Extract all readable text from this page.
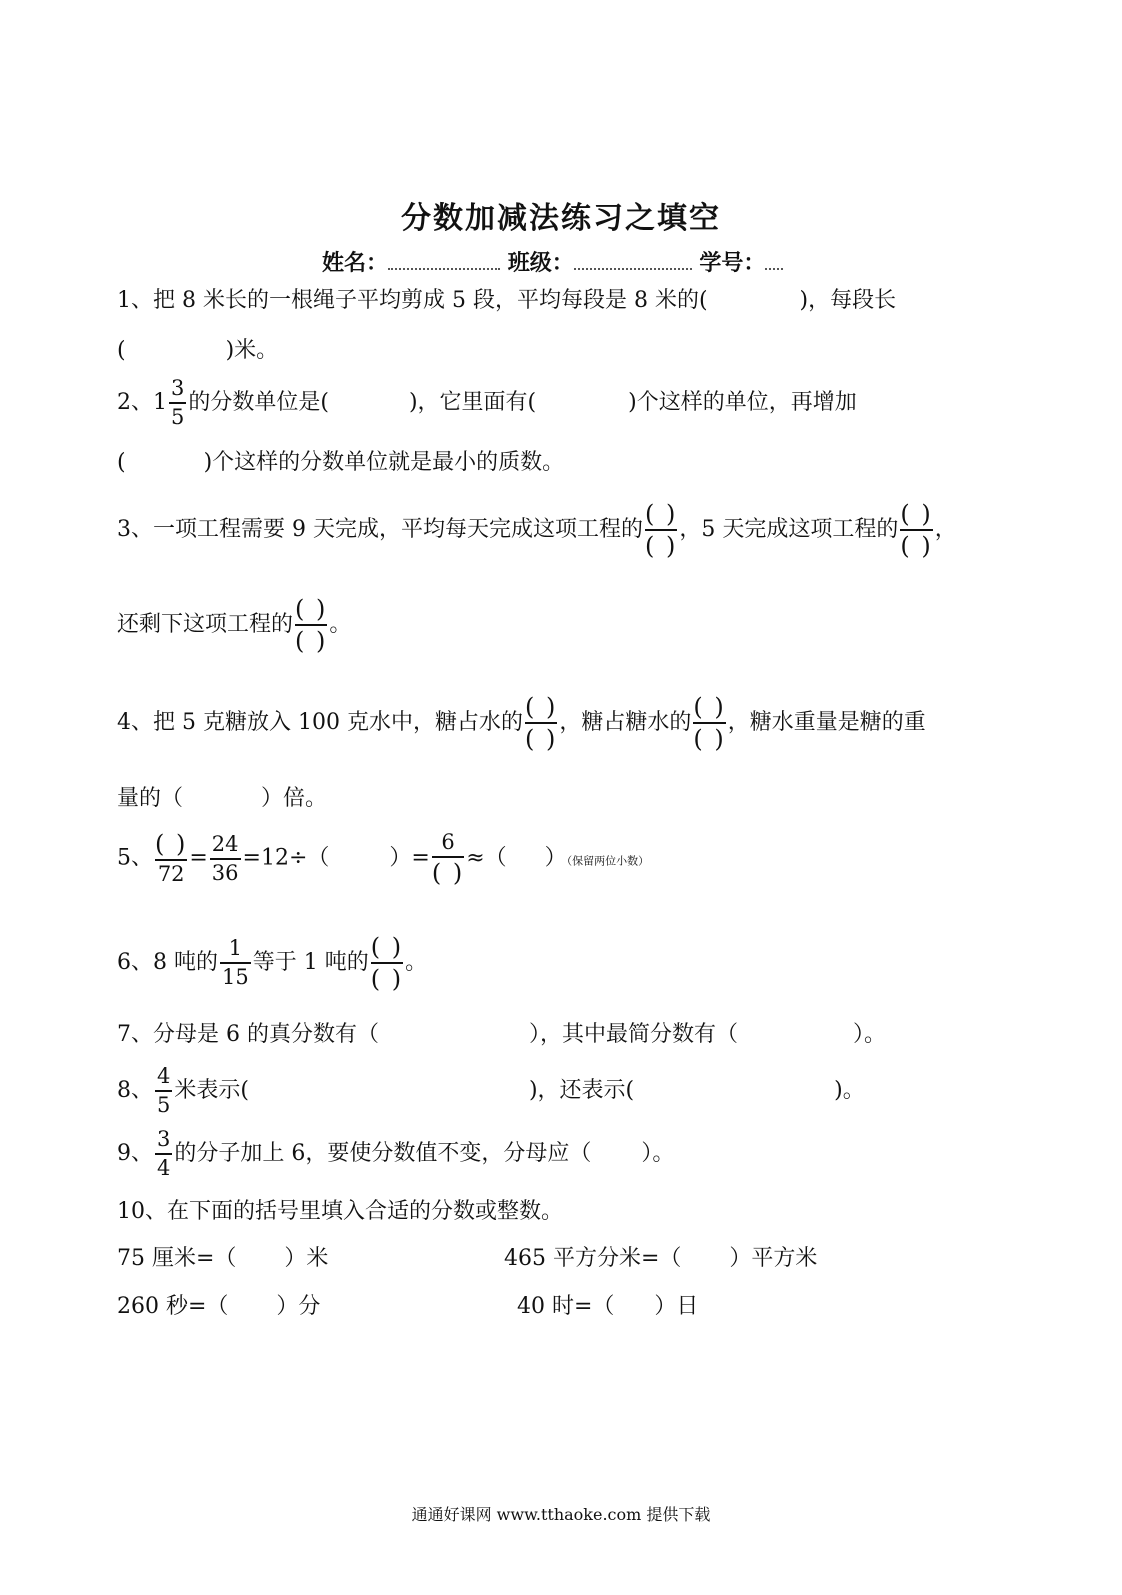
分数加减法练习之填空
姓名：	班级：	学号：
1、把 8 米长的一根绳子平均剪成 5 段，平均每段是 8 米的(	)，每段长
(	)米。
2、$1 \frac{3}{5}$ 的分数单位是(	)，它里面有(	)个这样的单位，再增加
(	)个这样的分数单位就是最小的质数。
3、一项工程需要 9 天完成，平均每天完成这项工程的 $\frac{( )}{( )}$ ，5 天完成这项工程的 $\frac{( )}{( )}$ ，
还剩下这项工程的 $\frac{( )}{( )}$ 。
4、把 5 克糖放入 100 克水中，糖占水的 $\frac{( )}{( )}$ ，糖占糖水的 $\frac{( )}{( )}$ ，糖水重量是糖的重
量的（	）倍。
5、 $\frac{( )}{72} = \frac{24}{36} =12\div$（	）= $\frac{6}{( )}$ ≈（ ）（保留两位小数）
6、8 吨的 $\frac{1}{15}$ 等于 1 吨的 $\frac{( )}{( )}$ 。
7、分母是 6 的真分数有（	），其中最简分数有（	）。
8、 $\frac{4}{5}$ 米表示(	)，还表示(	)。
9、 $\frac{3}{4}$ 的分子加上 6，要使分数值不变，分母应（ ）。
10、在下面的括号里填入合适的分数或整数。
75 厘米=（ ）米	465 平方分米=（ ）平方米
260 秒=（ ）分	40 时=（ ）日
通通好课网 www.tthaoke.com 提供下载
